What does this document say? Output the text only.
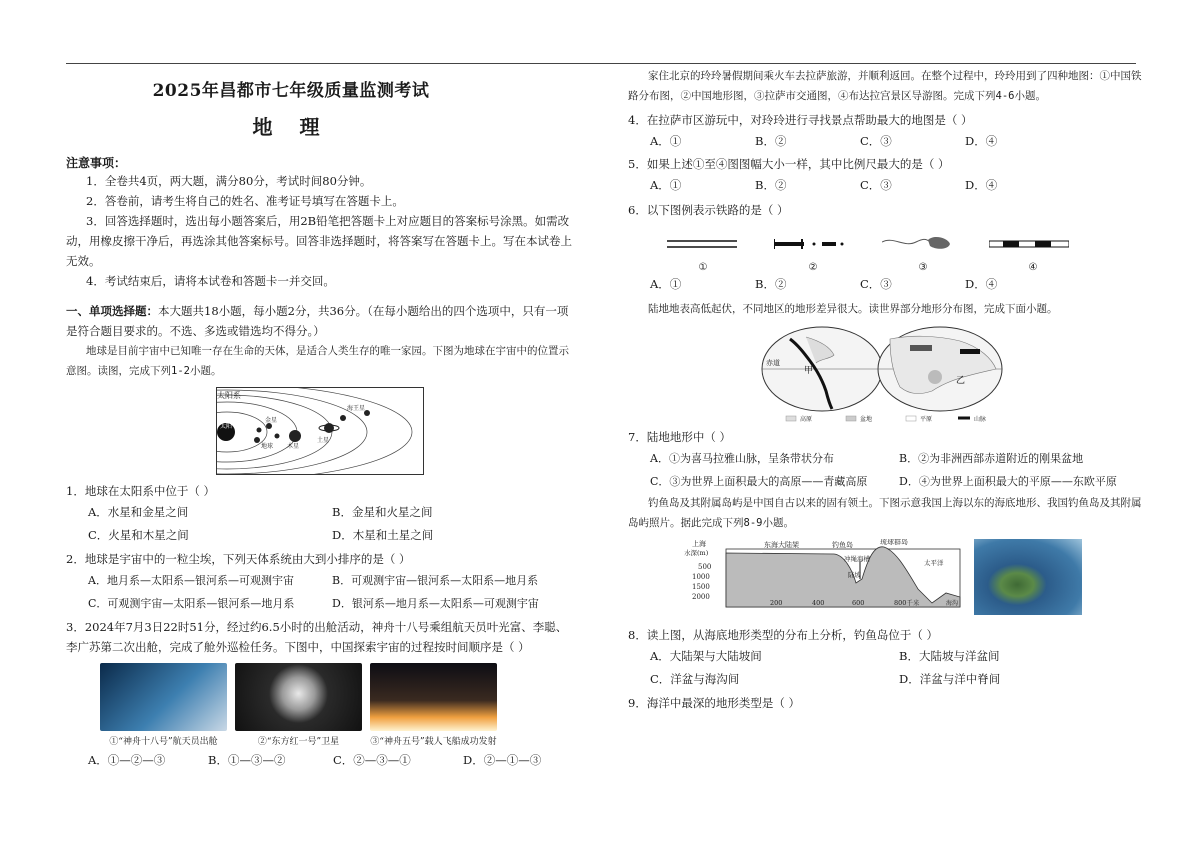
2025年昌都市七年级质量监测考试
地 理
注意事项：

1．全卷共4页，两大题，满分80分，考试时间80分钟。

2．答卷前，请考生将自己的姓名、准考证号填写在答题卡上。

3．回答选择题时，选出每小题答案后，用2B铅笔把答题卡上对应题目的答案标号涂黑。如需改动，用橡皮擦干净后，再选涂其他答案标号。回答非选择题时，将答案写在答题卡上。写在本试卷上无效。

4．考试结束后，请将本试卷和答题卡一并交回。

一、单项选择题：本大题共18小题，每小题2分，共36分。（在每小题给出的四个选项中，只有一项是符合题目要求的。不选、多选或错选均不得分。）

地球是目前宇宙中已知唯一存在生命的天体，是适合人类生存的唯一家园。下图为地球在宇宙中的位置示意图。读图，完成下列1-2小题。

太阳系
太阳
金星
地球 木星
土星
海王星

1．地球在太阳系中位于（ ）

A．水星和金星之间	B．金星和火星之间
C．火星和木星之间	D．木星和土星之间

2．地球是宇宙中的一粒尘埃，下列天体系统由大到小排序的是（ ）

A．地月系—太阳系—银河系—可观测宇宙	B．可观测宇宙—银河系—太阳系—地月系
C．可观测宇宙—太阳系—银河系—地月系	D．银河系—地月系—太阳系—可观测宇宙

3．2024年7月3日22时51分，经过约6.5小时的出舱活动，神舟十八号乘组航天员叶光富、李聪、李广苏第二次出舱，完成了舱外巡检任务。下图中，中国探索宇宙的过程按时间顺序是（ ）

①“神舟十八号”航天员出舱	②“东方红一号”卫星	③“神舟五号”载人飞船成功发射
A．①—②—③	B．①—③—②	C．②—③—①	D．②—①—③

家住北京的玲玲暑假期间乘火车去拉萨旅游，并顺利返回。在整个过程中，玲玲用到了四种地图：①中国铁路分布图，②中国地形图，③拉萨市交通图，④布达拉宫景区导游图。完成下列4-6小题。

4．在拉萨市区游玩中，对玲玲进行寻找景点帮助最大的地图是（ ）

A．①	B．②	C．③	D．④

5．如果上述①至④图图幅大小一样，其中比例尺最大的是（ ）

A．①	B．②	C．③	D．④

6．以下图例表示铁路的是（ ）

①	②	③	④
A．①	B．②	C．③	D．④

陆地地表高低起伏，不同地区的地形差异很大。读世界部分地形分布图，完成下面小题。

赤道
甲
乙
高原	盆地	平原	山脉

7．陆地地形中（ ）

A．①为喜马拉雅山脉，呈条带状分布	B．②为非洲西部赤道附近的刚果盆地
C．③为世界上面积最大的高原——青藏高原	D．④为世界上面积最大的平原——东欧平原

钓鱼岛及其附属岛屿是中国自古以来的固有领土。下图示意我国上海以东的海底地形、我国钓鱼岛及其附属岛屿照片。据此完成下列8-9小题。

上海
水深(m)
东海大陆架	钓鱼岛	琉球群岛
冲绳海槽
陆坡
太平洋
海沟
500
1000
1500
2000
200	400	600	800千米

8．读上图，从海底地形类型的分布上分析，钓鱼岛位于（ ）

A．大陆架与大陆坡间	B．大陆坡与洋盆间
C．洋盆与海沟间	D．洋盆与洋中脊间

9．海洋中最深的地形类型是（ ）
